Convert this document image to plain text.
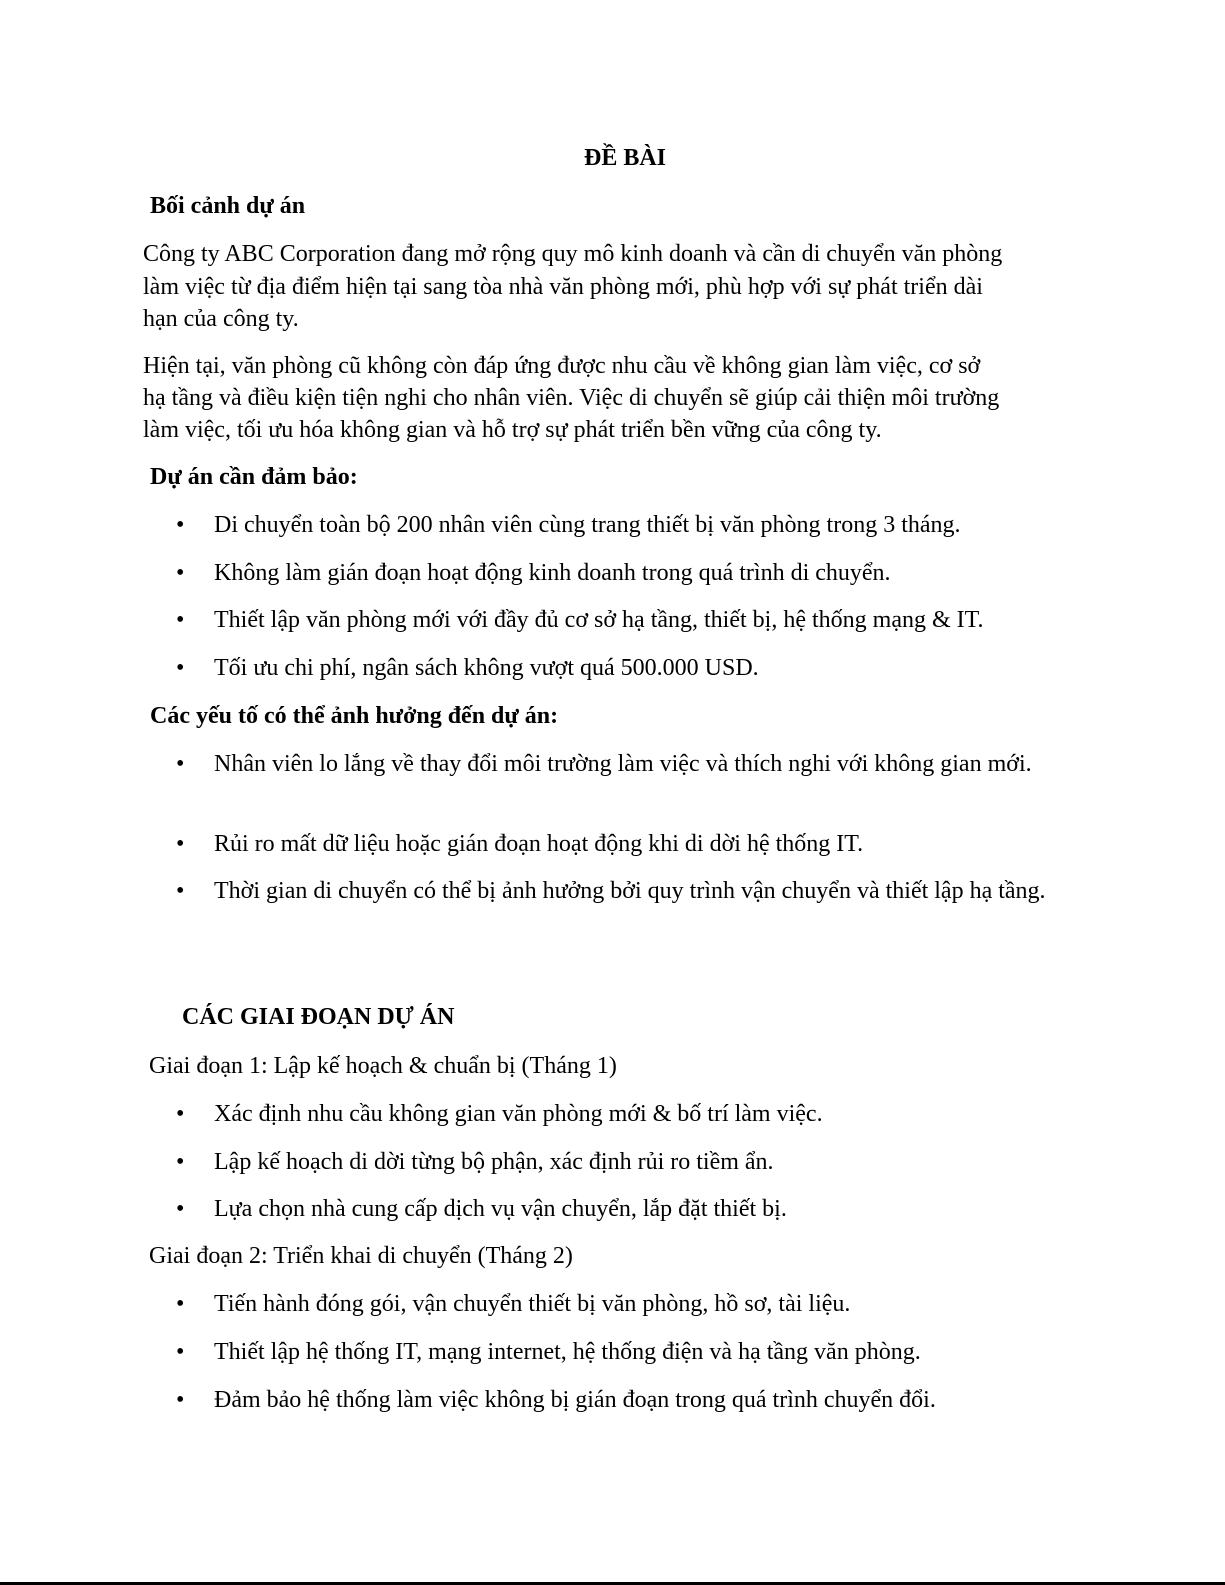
ĐỀ BÀI
Bối cảnh dự án
Công ty ABC Corporation đang mở rộng quy mô kinh doanh và cần di chuyển văn phòng
làm việc từ địa điểm hiện tại sang tòa nhà văn phòng mới, phù hợp với sự phát triển dài
hạn của công ty.
Hiện tại, văn phòng cũ không còn đáp ứng được nhu cầu về không gian làm việc, cơ sở
hạ tầng và điều kiện tiện nghi cho nhân viên. Việc di chuyển sẽ giúp cải thiện môi trường
làm việc, tối ưu hóa không gian và hỗ trợ sự phát triển bền vững của công ty.
Dự án cần đảm bảo:
• Di chuyển toàn bộ 200 nhân viên cùng trang thiết bị văn phòng trong 3 tháng.
• Không làm gián đoạn hoạt động kinh doanh trong quá trình di chuyển.
• Thiết lập văn phòng mới với đầy đủ cơ sở hạ tầng, thiết bị, hệ thống mạng & IT.
• Tối ưu chi phí, ngân sách không vượt quá 500.000 USD.
Các yếu tố có thể ảnh hưởng đến dự án:
• Nhân viên lo lắng về thay đổi môi trường làm việc và thích nghi với không gian mới.
• Rủi ro mất dữ liệu hoặc gián đoạn hoạt động khi di dời hệ thống IT.
• Thời gian di chuyển có thể bị ảnh hưởng bởi quy trình vận chuyển và thiết lập hạ tầng.
CÁC GIAI ĐOẠN DỰ ÁN
Giai đoạn 1: Lập kế hoạch & chuẩn bị (Tháng 1)
• Xác định nhu cầu không gian văn phòng mới & bố trí làm việc.
• Lập kế hoạch di dời từng bộ phận, xác định rủi ro tiềm ẩn.
• Lựa chọn nhà cung cấp dịch vụ vận chuyển, lắp đặt thiết bị.
Giai đoạn 2: Triển khai di chuyển (Tháng 2)
• Tiến hành đóng gói, vận chuyển thiết bị văn phòng, hồ sơ, tài liệu.
• Thiết lập hệ thống IT, mạng internet, hệ thống điện và hạ tầng văn phòng.
• Đảm bảo hệ thống làm việc không bị gián đoạn trong quá trình chuyển đổi.
